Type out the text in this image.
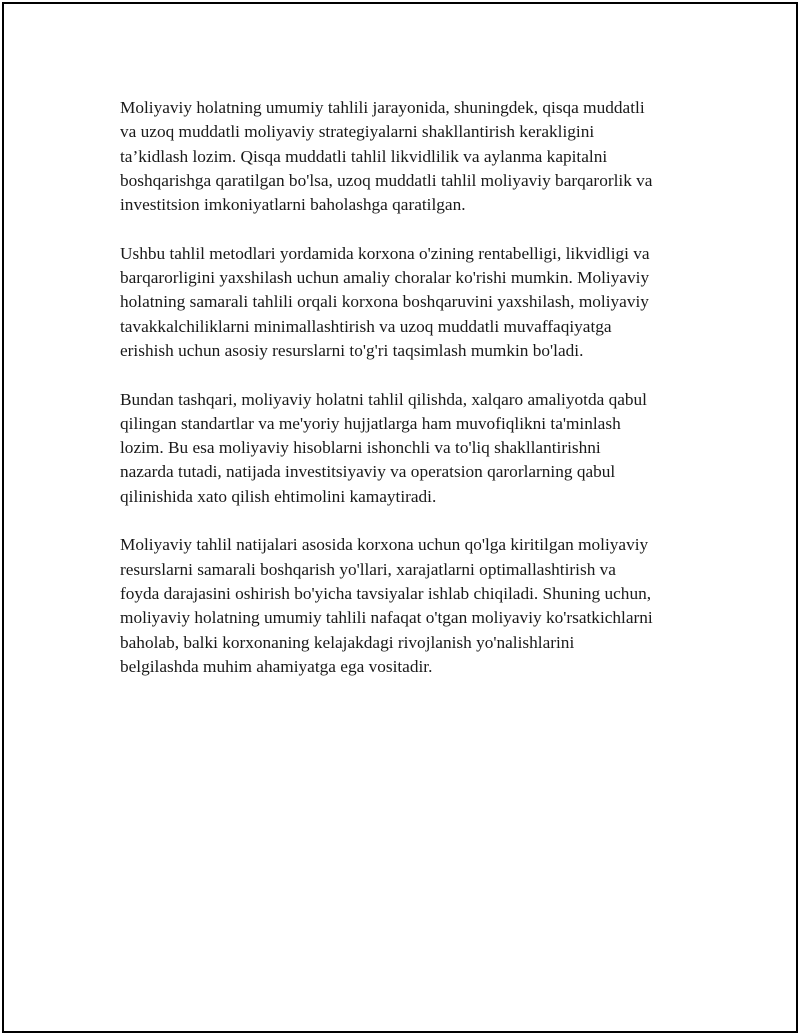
Moliyaviy holatning umumiy tahlili jarayonida, shuningdek, qisqa muddatli
va uzoq muddatli moliyaviy strategiyalarni shakllantirish kerakligini
ta’kidlash lozim. Qisqa muddatli tahlil likvidlilik va aylanma kapitalni
boshqarishga qaratilgan bo'lsa, uzoq muddatli tahlil moliyaviy barqarorlik va
investitsion imkoniyatlarni baholashga qaratilgan.

Ushbu tahlil metodlari yordamida korxona o'zining rentabelligi, likvidligi va
barqarorligini yaxshilash uchun amaliy choralar ko'rishi mumkin. Moliyaviy
holatning samarali tahlili orqali korxona boshqaruvini yaxshilash, moliyaviy
tavakkalchiliklarni minimallashtirish va uzoq muddatli muvaffaqiyatga
erishish uchun asosiy resurslarni to'g'ri taqsimlash mumkin bo'ladi.

Bundan tashqari, moliyaviy holatni tahlil qilishda, xalqaro amaliyotda qabul
qilingan standartlar va me'yoriy hujjatlarga ham muvofiqlikni ta'minlash
lozim. Bu esa moliyaviy hisoblarni ishonchli va to'liq shakllantirishni
nazarda tutadi, natijada investitsiyaviy va operatsion qarorlarning qabul
qilinishida xato qilish ehtimolini kamaytiradi.

Moliyaviy tahlil natijalari asosida korxona uchun qo'lga kiritilgan moliyaviy
resurslarni samarali boshqarish yo'llari, xarajatlarni optimallashtirish va
foyda darajasini oshirish bo'yicha tavsiyalar ishlab chiqiladi. Shuning uchun,
moliyaviy holatning umumiy tahlili nafaqat o'tgan moliyaviy ko'rsatkichlarni
baholab, balki korxonaning kelajakdagi rivojlanish yo'nalishlarini
belgilashda muhim ahamiyatga ega vositadir.
